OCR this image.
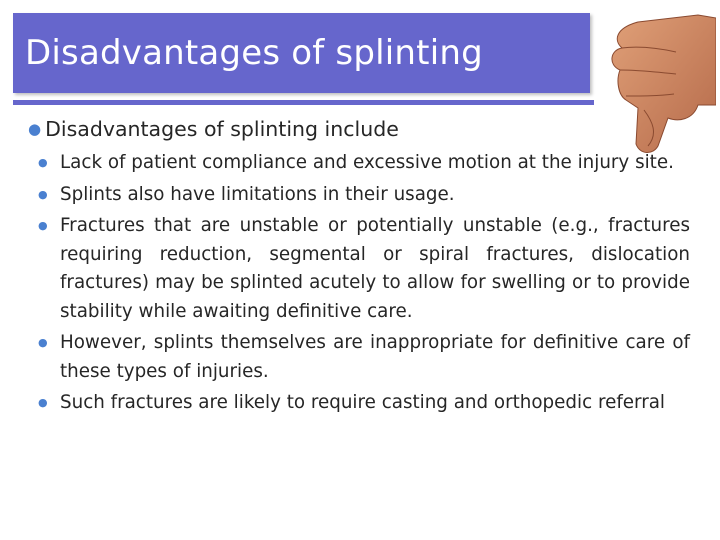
Disadvantages of splinting
● Disadvantages of splinting include
● Lack of patient compliance and excessive motion at the injury site.
● Splints also have limitations in their usage.
● Fractures that are unstable or potentially unstable (e.g., fractures requiring reduction, segmental or spiral fractures, dislocation fractures) may be splinted acutely to allow for swelling or to provide stability while awaiting definitive care.
● However, splints themselves are inappropriate for definitive care of these types of injuries.
● Such fractures are likely to require casting and orthopedic referral
